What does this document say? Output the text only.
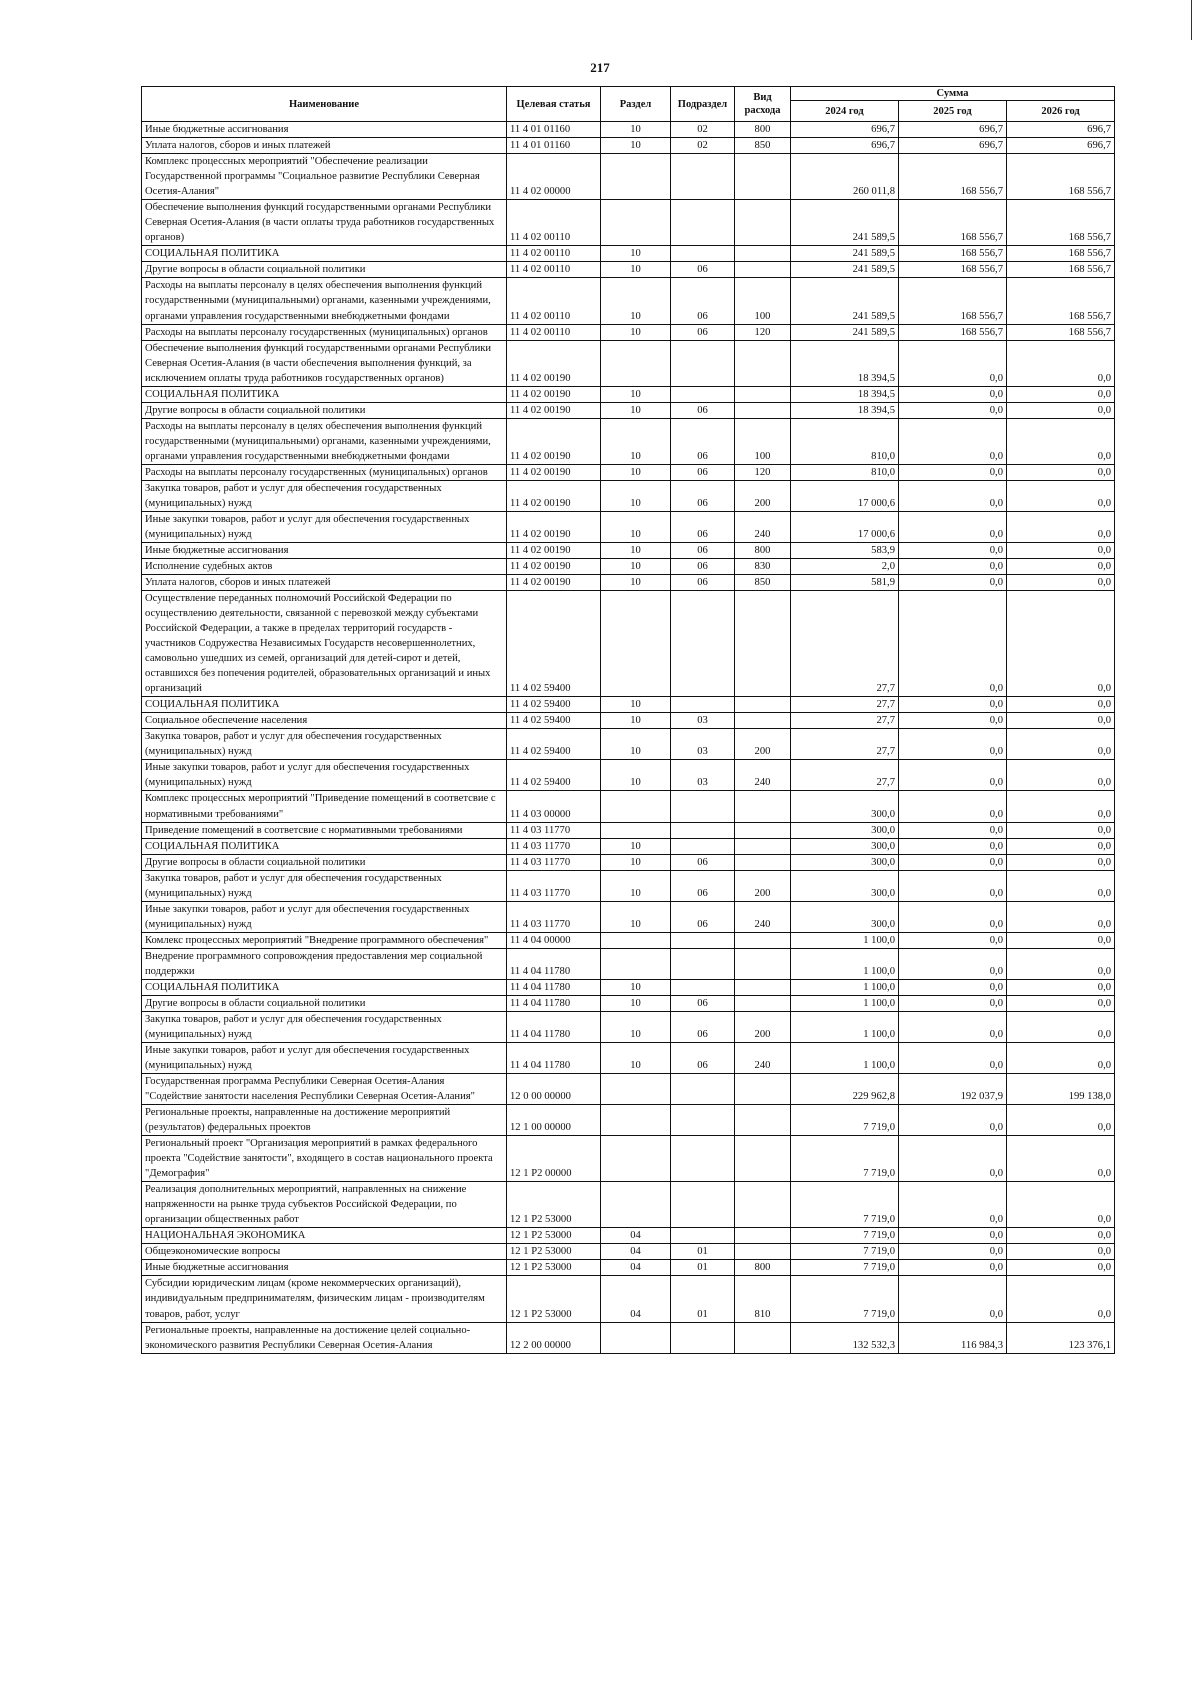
217
Наименование	Целевая статья	Раздел	Подраздел	Вид расхода	Сумма		
					2024 год	2025 год	2026 год
Иные бюджетные ассигнования	11 4 01 01160	10	02	800	696,7	696,7	696,7
Уплата налогов, сборов и иных платежей	11 4 01 01160	10	02	850	696,7	696,7	696,7
Комплекс процессных мероприятий "Обеспечение реализации Государственной программы "Социальное развитие Республики Северная Осетия-Алания"	11 4 02 00000				260 011,8	168 556,7	168 556,7
Обеспечение выполнения функций государственными органами Республики Северная Осетия-Алания (в части оплаты труда работников государственных органов)	11 4 02 00110				241 589,5	168 556,7	168 556,7
СОЦИАЛЬНАЯ ПОЛИТИКА	11 4 02 00110	10			241 589,5	168 556,7	168 556,7
Другие вопросы в области социальной политики	11 4 02 00110	10	06		241 589,5	168 556,7	168 556,7
Расходы на выплаты персоналу в целях обеспечения выполнения функций государственными (муниципальными) органами, казенными учреждениями, органами управления государственными внебюджетными фондами	11 4 02 00110	10	06	100	241 589,5	168 556,7	168 556,7
Расходы на выплаты персоналу государственных (муниципальных) органов	11 4 02 00110	10	06	120	241 589,5	168 556,7	168 556,7
Обеспечение выполнения функций государственными органами Республики Северная Осетия-Алания (в части обеспечения выполнения функций, за исключением оплаты труда работников государственных органов)	11 4 02 00190				18 394,5	0,0	0,0
СОЦИАЛЬНАЯ ПОЛИТИКА	11 4 02 00190	10			18 394,5	0,0	0,0
Другие вопросы в области социальной политики	11 4 02 00190	10	06		18 394,5	0,0	0,0
Расходы на выплаты персоналу в целях обеспечения выполнения функций государственными (муниципальными) органами, казенными учреждениями, органами управления государственными внебюджетными фондами	11 4 02 00190	10	06	100	810,0	0,0	0,0
Расходы на выплаты персоналу государственных (муниципальных) органов	11 4 02 00190	10	06	120	810,0	0,0	0,0
Закупка товаров, работ и услуг для обеспечения государственных (муниципальных) нужд	11 4 02 00190	10	06	200	17 000,6	0,0	0,0
Иные закупки товаров, работ и услуг для обеспечения государственных (муниципальных) нужд	11 4 02 00190	10	06	240	17 000,6	0,0	0,0
Иные бюджетные ассигнования	11 4 02 00190	10	06	800	583,9	0,0	0,0
Исполнение судебных актов	11 4 02 00190	10	06	830	2,0	0,0	0,0
Уплата налогов, сборов и иных платежей	11 4 02 00190	10	06	850	581,9	0,0	0,0
Осуществление переданных полномочий Российской Федерации по осуществлению деятельности, связанной с перевозкой между субъектами Российской Федерации, а также в пределах территорий государств - участников Содружества Независимых Государств несовершеннолетних, самовольно ушедших из семей, организаций для детей-сирот и детей, оставшихся без попечения родителей, образовательных организаций и иных организаций	11 4 02 59400				27,7	0,0	0,0
СОЦИАЛЬНАЯ ПОЛИТИКА	11 4 02 59400	10			27,7	0,0	0,0
Социальное обеспечение населения	11 4 02 59400	10	03		27,7	0,0	0,0
Закупка товаров, работ и услуг для обеспечения государственных (муниципальных) нужд	11 4 02 59400	10	03	200	27,7	0,0	0,0
Иные закупки товаров, работ и услуг для обеспечения государственных (муниципальных) нужд	11 4 02 59400	10	03	240	27,7	0,0	0,0
Комплекс процессных мероприятий "Приведение помещений в соответсвие с нормативными требованиями"	11 4 03 00000				300,0	0,0	0,0
Приведение помещений в соответсвие с нормативными требованиями	11 4 03 11770				300,0	0,0	0,0
СОЦИАЛЬНАЯ ПОЛИТИКА	11 4 03 11770	10			300,0	0,0	0,0
Другие вопросы в области социальной политики	11 4 03 11770	10	06		300,0	0,0	0,0
Закупка товаров, работ и услуг для обеспечения государственных (муниципальных) нужд	11 4 03 11770	10	06	200	300,0	0,0	0,0
Иные закупки товаров, работ и услуг для обеспечения государственных (муниципальных) нужд	11 4 03 11770	10	06	240	300,0	0,0	0,0
Комлекс процессных мероприятий "Внедрение программного обеспечения"	11 4 04 00000				1 100,0	0,0	0,0
Внедрение программного сопровождения предоставления мер социальной поддержки	11 4 04 11780				1 100,0	0,0	0,0
СОЦИАЛЬНАЯ ПОЛИТИКА	11 4 04 11780	10			1 100,0	0,0	0,0
Другие вопросы в области социальной политики	11 4 04 11780	10	06		1 100,0	0,0	0,0
Закупка товаров, работ и услуг для обеспечения государственных (муниципальных) нужд	11 4 04 11780	10	06	200	1 100,0	0,0	0,0
Иные закупки товаров, работ и услуг для обеспечения государственных (муниципальных) нужд	11 4 04 11780	10	06	240	1 100,0	0,0	0,0
Государственная программа Республики Северная Осетия-Алания "Содействие занятости населения Республики Северная Осетия-Алания"	12 0 00 00000				229 962,8	192 037,9	199 138,0
Региональные проекты, направленные на достижение мероприятий (результатов) федеральных проектов	12 1 00 00000				7 719,0	0,0	0,0
Региональный проект "Организация мероприятий в рамках федерального проекта "Содействие занятости", входящего в состав национального проекта "Демография"	12 1 P2 00000				7 719,0	0,0	0,0
Реализация дополнительных мероприятий, направленных на снижение напряженности на рынке труда субъектов Российской Федерации, по организации общественных работ	12 1 P2 53000				7 719,0	0,0	0,0
НАЦИОНАЛЬНАЯ ЭКОНОМИКА	12 1 P2 53000	04			7 719,0	0,0	0,0
Общеэкономические вопросы	12 1 P2 53000	04	01		7 719,0	0,0	0,0
Иные бюджетные ассигнования	12 1 P2 53000	04	01	800	7 719,0	0,0	0,0
Субсидии юридическим лицам (кроме некоммерческих организаций), индивидуальным предпринимателям, физическим лицам - производителям товаров, работ, услуг	12 1 P2 53000	04	01	810	7 719,0	0,0	0,0
Региональные проекты, направленные на достижение целей социально-экономического развития Республики Северная Осетия-Алания	12 2 00 00000				132 532,3	116 984,3	123 376,1
